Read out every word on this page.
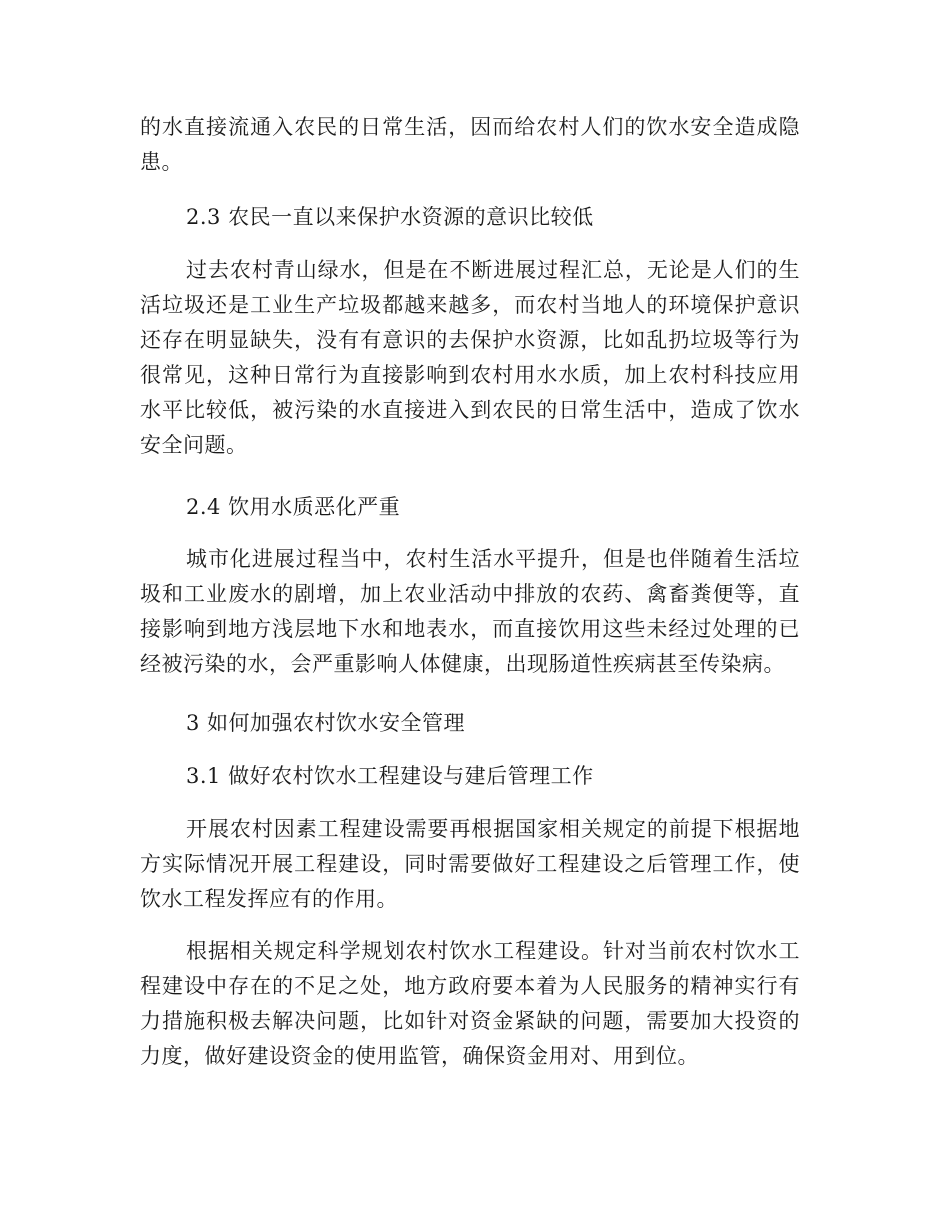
的水直接流通入农民的日常生活，因而给农村人们的饮水安全造成隐患。

2.3 农民一直以来保护水资源的意识比较低

过去农村青山绿水，但是在不断进展过程汇总，无论是人们的生活垃圾还是工业生产垃圾都越来越多，而农村当地人的环境保护意识还存在明显缺失，没有有意识的去保护水资源，比如乱扔垃圾等行为很常见，这种日常行为直接影响到农村用水水质，加上农村科技应用水平比较低，被污染的水直接进入到农民的日常生活中，造成了饮水安全问题。

2.4 饮用水质恶化严重

城市化进展过程当中，农村生活水平提升，但是也伴随着生活垃圾和工业废水的剧增，加上农业活动中排放的农药、禽畜粪便等，直接影响到地方浅层地下水和地表水，而直接饮用这些未经过处理的已经被污染的水，会严重影响人体健康，出现肠道性疾病甚至传染病。

3 如何加强农村饮水安全管理

3.1 做好农村饮水工程建设与建后管理工作

开展农村因素工程建设需要再根据国家相关规定的前提下根据地方实际情况开展工程建设，同时需要做好工程建设之后管理工作，使饮水工程发挥应有的作用。

根据相关规定科学规划农村饮水工程建设。针对当前农村饮水工程建设中存在的不足之处，地方政府要本着为人民服务的精神实行有力措施积极去解决问题，比如针对资金紧缺的问题，需要加大投资的力度，做好建设资金的使用监管，确保资金用对、用到位。
